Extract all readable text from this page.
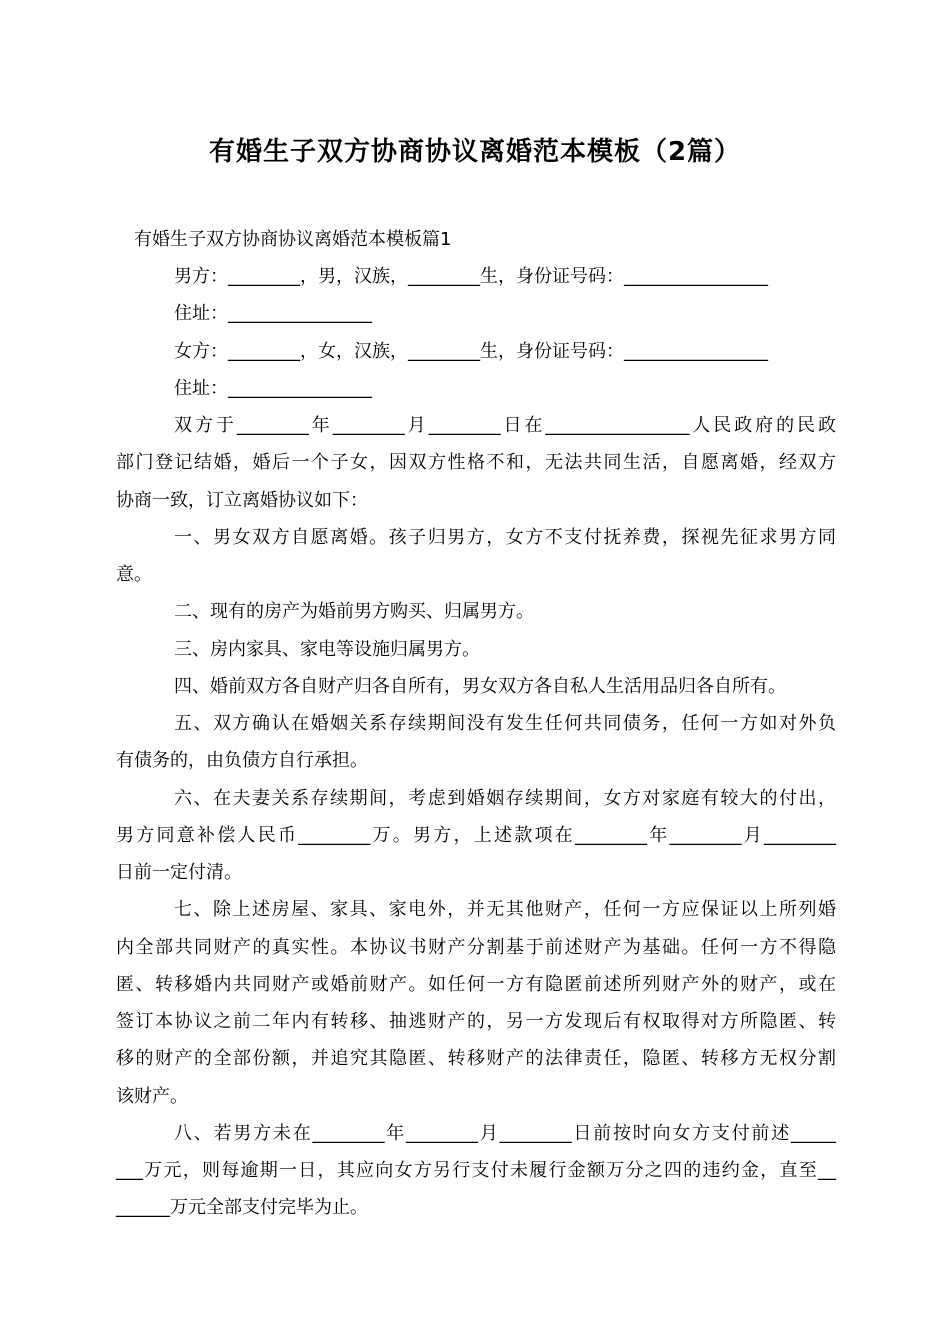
有婚生子双方协商协议离婚范本模板（2篇）
有婚生子双方协商协议离婚范本模板篇1
男方：________，男，汉族，________生，身份证号码：________________
住址：________________
女方：________，女，汉族，________生，身份证号码：________________
住址：________________
双方于________年________月________日在________________人民政府的民政
部门登记结婚，婚后一个子女，因双方性格不和，无法共同生活，自愿离婚，经双方
协商一致，订立离婚协议如下：
一、男女双方自愿离婚。孩子归男方，女方不支付抚养费，探视先征求男方同
意。
二、现有的房产为婚前男方购买、归属男方。
三、房内家具、家电等设施归属男方。
四、婚前双方各自财产归各自所有，男女双方各自私人生活用品归各自所有。
五、双方确认在婚姻关系存续期间没有发生任何共同债务，任何一方如对外负
有债务的，由负债方自行承担。
六、在夫妻关系存续期间，考虑到婚姻存续期间，女方对家庭有较大的付出，
男方同意补偿人民币________万。男方，上述款项在________年________月________
日前一定付清。
七、除上述房屋、家具、家电外，并无其他财产，任何一方应保证以上所列婚
内全部共同财产的真实性。本协议书财产分割基于前述财产为基础。任何一方不得隐
匿、转移婚内共同财产或婚前财产。如任何一方有隐匿前述所列财产外的财产，或在
签订本协议之前二年内有转移、抽逃财产的，另一方发现后有权取得对方所隐匿、转
移的财产的全部份额，并追究其隐匿、转移财产的法律责任，隐匿、转移方无权分割
该财产。
八、若男方未在________年________月________日前按时向女方支付前述_____
___万元，则每逾期一日，其应向女方另行支付未履行金额万分之四的违约金，直至__
______万元全部支付完毕为止。
